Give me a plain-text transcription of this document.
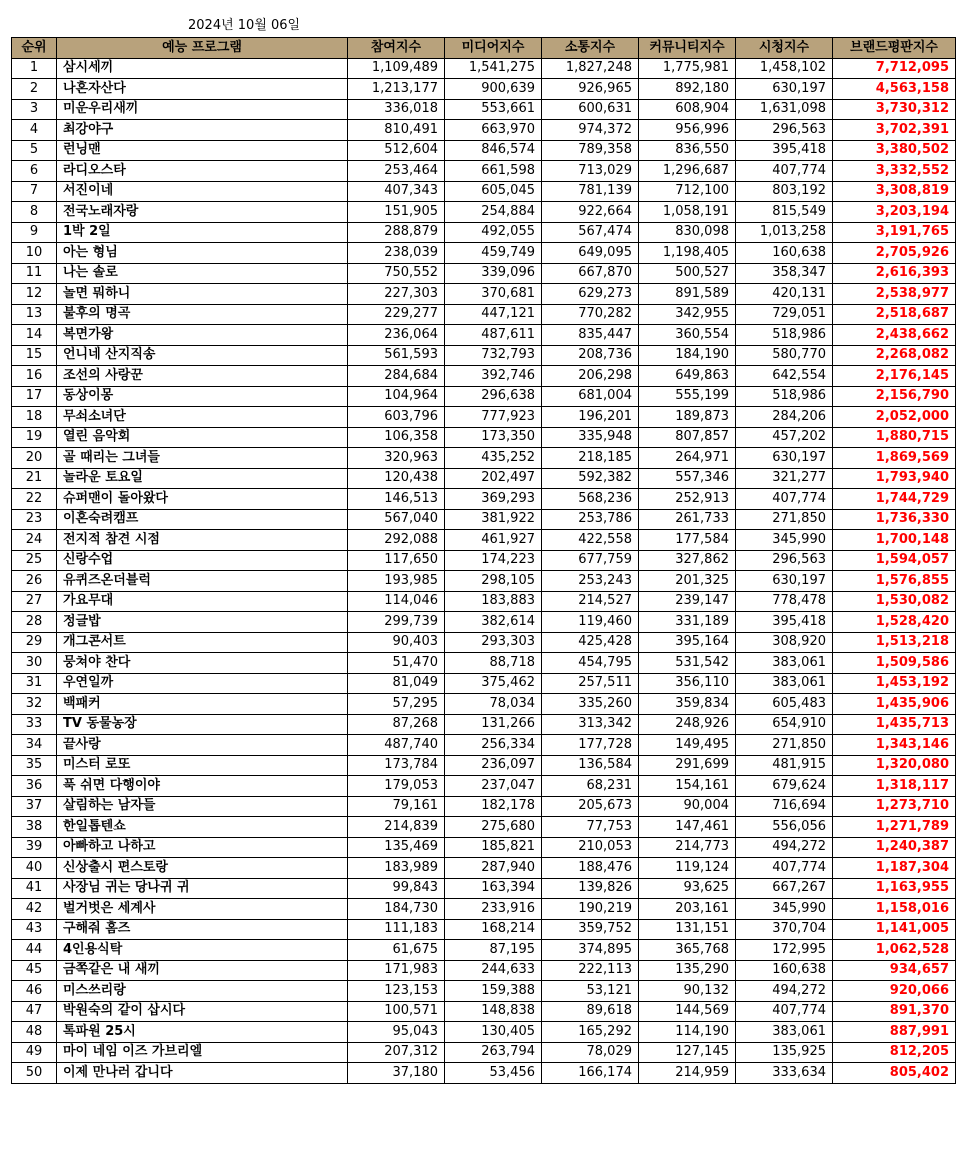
2024년 10월 06일
순위	예능 프로그램	참여지수	미디어지수	소통지수	커뮤니티지수	시청지수	브랜드평판지수
1	삼시세끼	1,109,489	1,541,275	1,827,248	1,775,981	1,458,102	7,712,095
2	나혼자산다	1,213,177	900,639	926,965	892,180	630,197	4,563,158
3	미운우리새끼	336,018	553,661	600,631	608,904	1,631,098	3,730,312
4	최강야구	810,491	663,970	974,372	956,996	296,563	3,702,391
5	런닝맨	512,604	846,574	789,358	836,550	395,418	3,380,502
6	라디오스타	253,464	661,598	713,029	1,296,687	407,774	3,332,552
7	서진이네	407,343	605,045	781,139	712,100	803,192	3,308,819
8	전국노래자랑	151,905	254,884	922,664	1,058,191	815,549	3,203,194
9	1박 2일	288,879	492,055	567,474	830,098	1,013,258	3,191,765
10	아는 형님	238,039	459,749	649,095	1,198,405	160,638	2,705,926
11	나는 솔로	750,552	339,096	667,870	500,527	358,347	2,616,393
12	놀면 뭐하니	227,303	370,681	629,273	891,589	420,131	2,538,977
13	불후의 명곡	229,277	447,121	770,282	342,955	729,051	2,518,687
14	복면가왕	236,064	487,611	835,447	360,554	518,986	2,438,662
15	언니네 산지직송	561,593	732,793	208,736	184,190	580,770	2,268,082
16	조선의 사랑꾼	284,684	392,746	206,298	649,863	642,554	2,176,145
17	동상이몽	104,964	296,638	681,004	555,199	518,986	2,156,790
18	무쇠소녀단	603,796	777,923	196,201	189,873	284,206	2,052,000
19	열린 음악회	106,358	173,350	335,948	807,857	457,202	1,880,715
20	골 때리는 그녀들	320,963	435,252	218,185	264,971	630,197	1,869,569
21	놀라운 토요일	120,438	202,497	592,382	557,346	321,277	1,793,940
22	슈퍼맨이 돌아왔다	146,513	369,293	568,236	252,913	407,774	1,744,729
23	이혼숙려캠프	567,040	381,922	253,786	261,733	271,850	1,736,330
24	전지적 참견 시점	292,088	461,927	422,558	177,584	345,990	1,700,148
25	신랑수업	117,650	174,223	677,759	327,862	296,563	1,594,057
26	유퀴즈온더블럭	193,985	298,105	253,243	201,325	630,197	1,576,855
27	가요무대	114,046	183,883	214,527	239,147	778,478	1,530,082
28	정글밥	299,739	382,614	119,460	331,189	395,418	1,528,420
29	개그콘서트	90,403	293,303	425,428	395,164	308,920	1,513,218
30	뭉쳐야 찬다	51,470	88,718	454,795	531,542	383,061	1,509,586
31	우연일까	81,049	375,462	257,511	356,110	383,061	1,453,192
32	백패커	57,295	78,034	335,260	359,834	605,483	1,435,906
33	TV 동물농장	87,268	131,266	313,342	248,926	654,910	1,435,713
34	끝사랑	487,740	256,334	177,728	149,495	271,850	1,343,146
35	미스터 로또	173,784	236,097	136,584	291,699	481,915	1,320,080
36	푹 쉬면 다행이야	179,053	237,047	68,231	154,161	679,624	1,318,117
37	살림하는 남자들	79,161	182,178	205,673	90,004	716,694	1,273,710
38	한일톱텐쇼	214,839	275,680	77,753	147,461	556,056	1,271,789
39	아빠하고 나하고	135,469	185,821	210,053	214,773	494,272	1,240,387
40	신상출시 편스토랑	183,989	287,940	188,476	119,124	407,774	1,187,304
41	사장님 귀는 당나귀 귀	99,843	163,394	139,826	93,625	667,267	1,163,955
42	벌거벗은 세계사	184,730	233,916	190,219	203,161	345,990	1,158,016
43	구해줘 홈즈	111,183	168,214	359,752	131,151	370,704	1,141,005
44	4인용식탁	61,675	87,195	374,895	365,768	172,995	1,062,528
45	금쪽같은 내 새끼	171,983	244,633	222,113	135,290	160,638	934,657
46	미스쓰리랑	123,153	159,388	53,121	90,132	494,272	920,066
47	박원숙의 같이 삽시다	100,571	148,838	89,618	144,569	407,774	891,370
48	톡파원 25시	95,043	130,405	165,292	114,190	383,061	887,991
49	마이 네임 이즈 가브리엘	207,312	263,794	78,029	127,145	135,925	812,205
50	이제 만나러 갑니다	37,180	53,456	166,174	214,959	333,634	805,402
